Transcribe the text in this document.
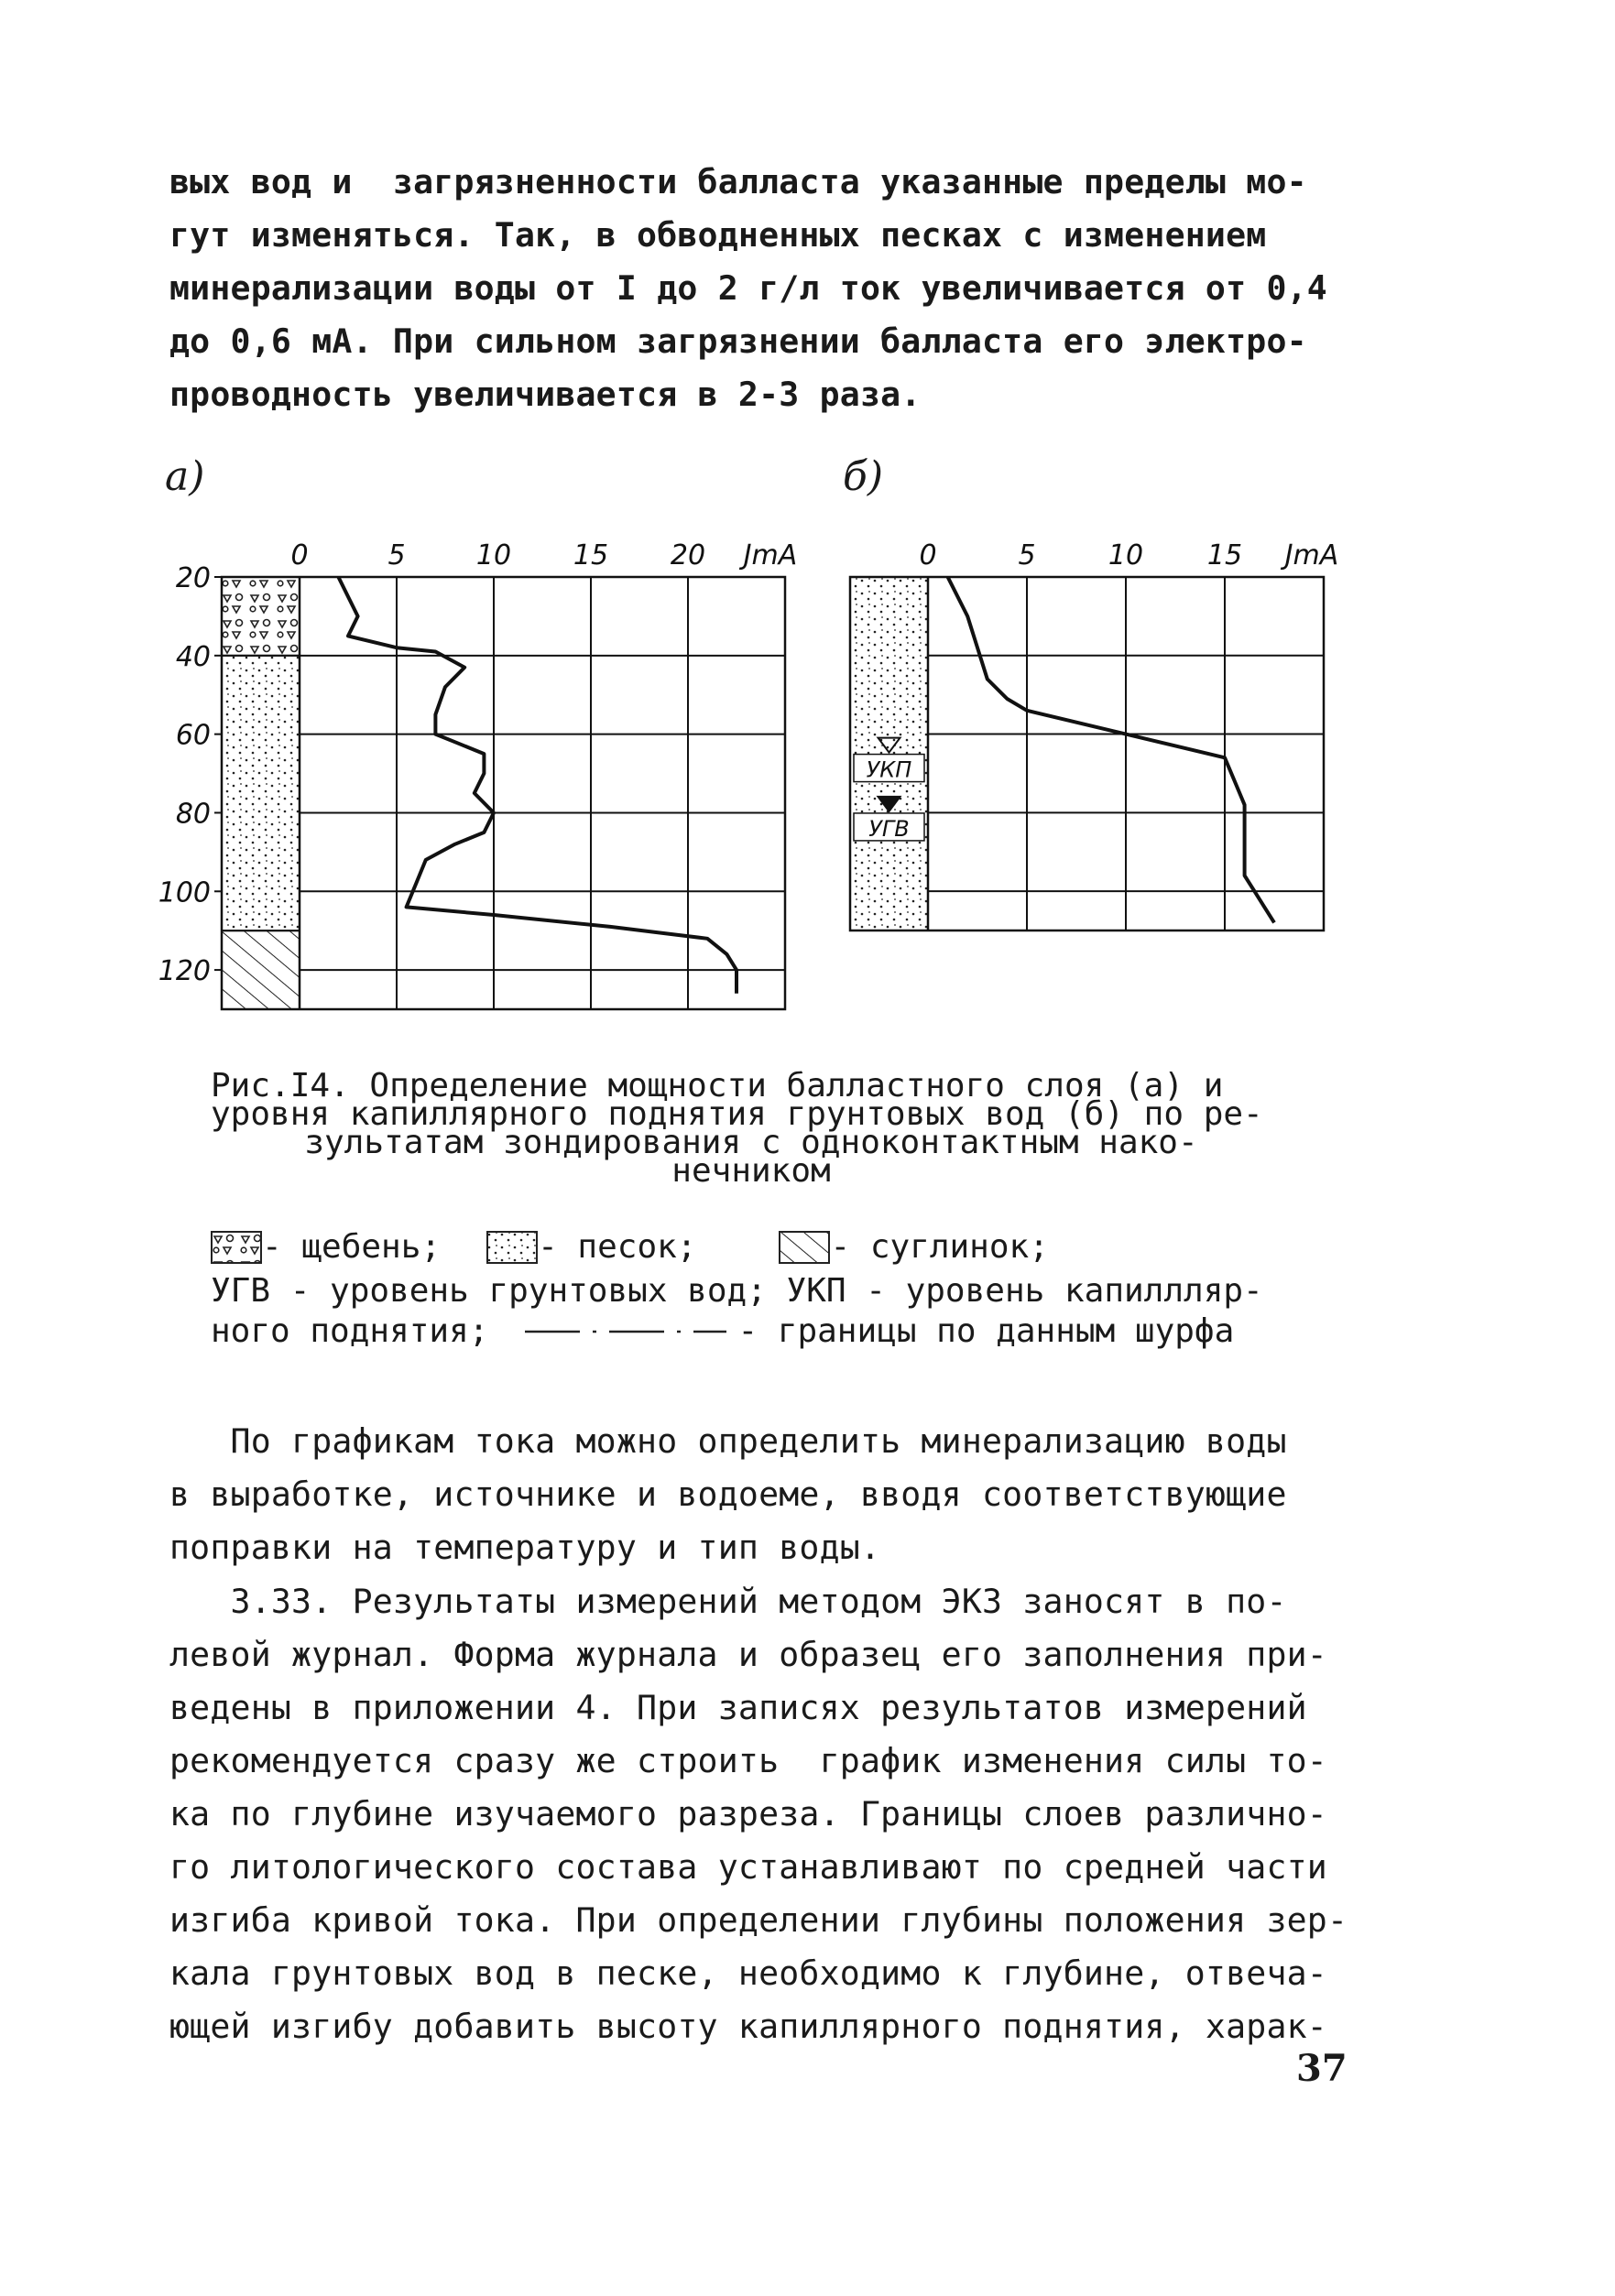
вых вод и  загрязненности балласта указанные пределы мо-
гут изменяться. Так, в обводненных песках с изменением
минерализации воды от I до 2 г/л ток увеличивается от 0,4
до 0,6 мА. При сильном загрязнении балласта его электро-
проводность увеличивается в 2-3 раза.
а)	б)
0	5	10 15 20 JmA
20
40
60
80
100
120
0	5	10 15 JmA
УКП
УГВ
Рис.I4. Определение мощности балластного слоя (а) и
уровня капиллярного поднятия грунтовых вод (б) по ре-
зультатам зондирования с одноконтактным нако-
нечником
- щебень;	- песок;	- суглинок;
УГВ - уровень грунтовых вод; УКП - уровень капиллляр-
ного поднятия;	- границы по данным шурфа
По графикам тока можно определить минерализацию воды
в выработке, источнике и водоеме, вводя соответствующие
поправки на температуру и тип воды.
3.33. Результаты измерений методом ЭКЗ заносят в по-
левой журнал. Форма журнала и образец его заполнения при-
ведены в приложении 4. При записях результатов измерений
рекомендуется сразу же строить  график изменения силы то-
ка по глубине изучаемого разреза. Границы слоев различно-
го литологического состава устанавливают по средней части
изгиба кривой тока. При определении глубины положения зер-
кала грунтовых вод в песке, необходимо к глубине, отвеча-
ющей изгибу добавить высоту капиллярного поднятия, харак-
37
